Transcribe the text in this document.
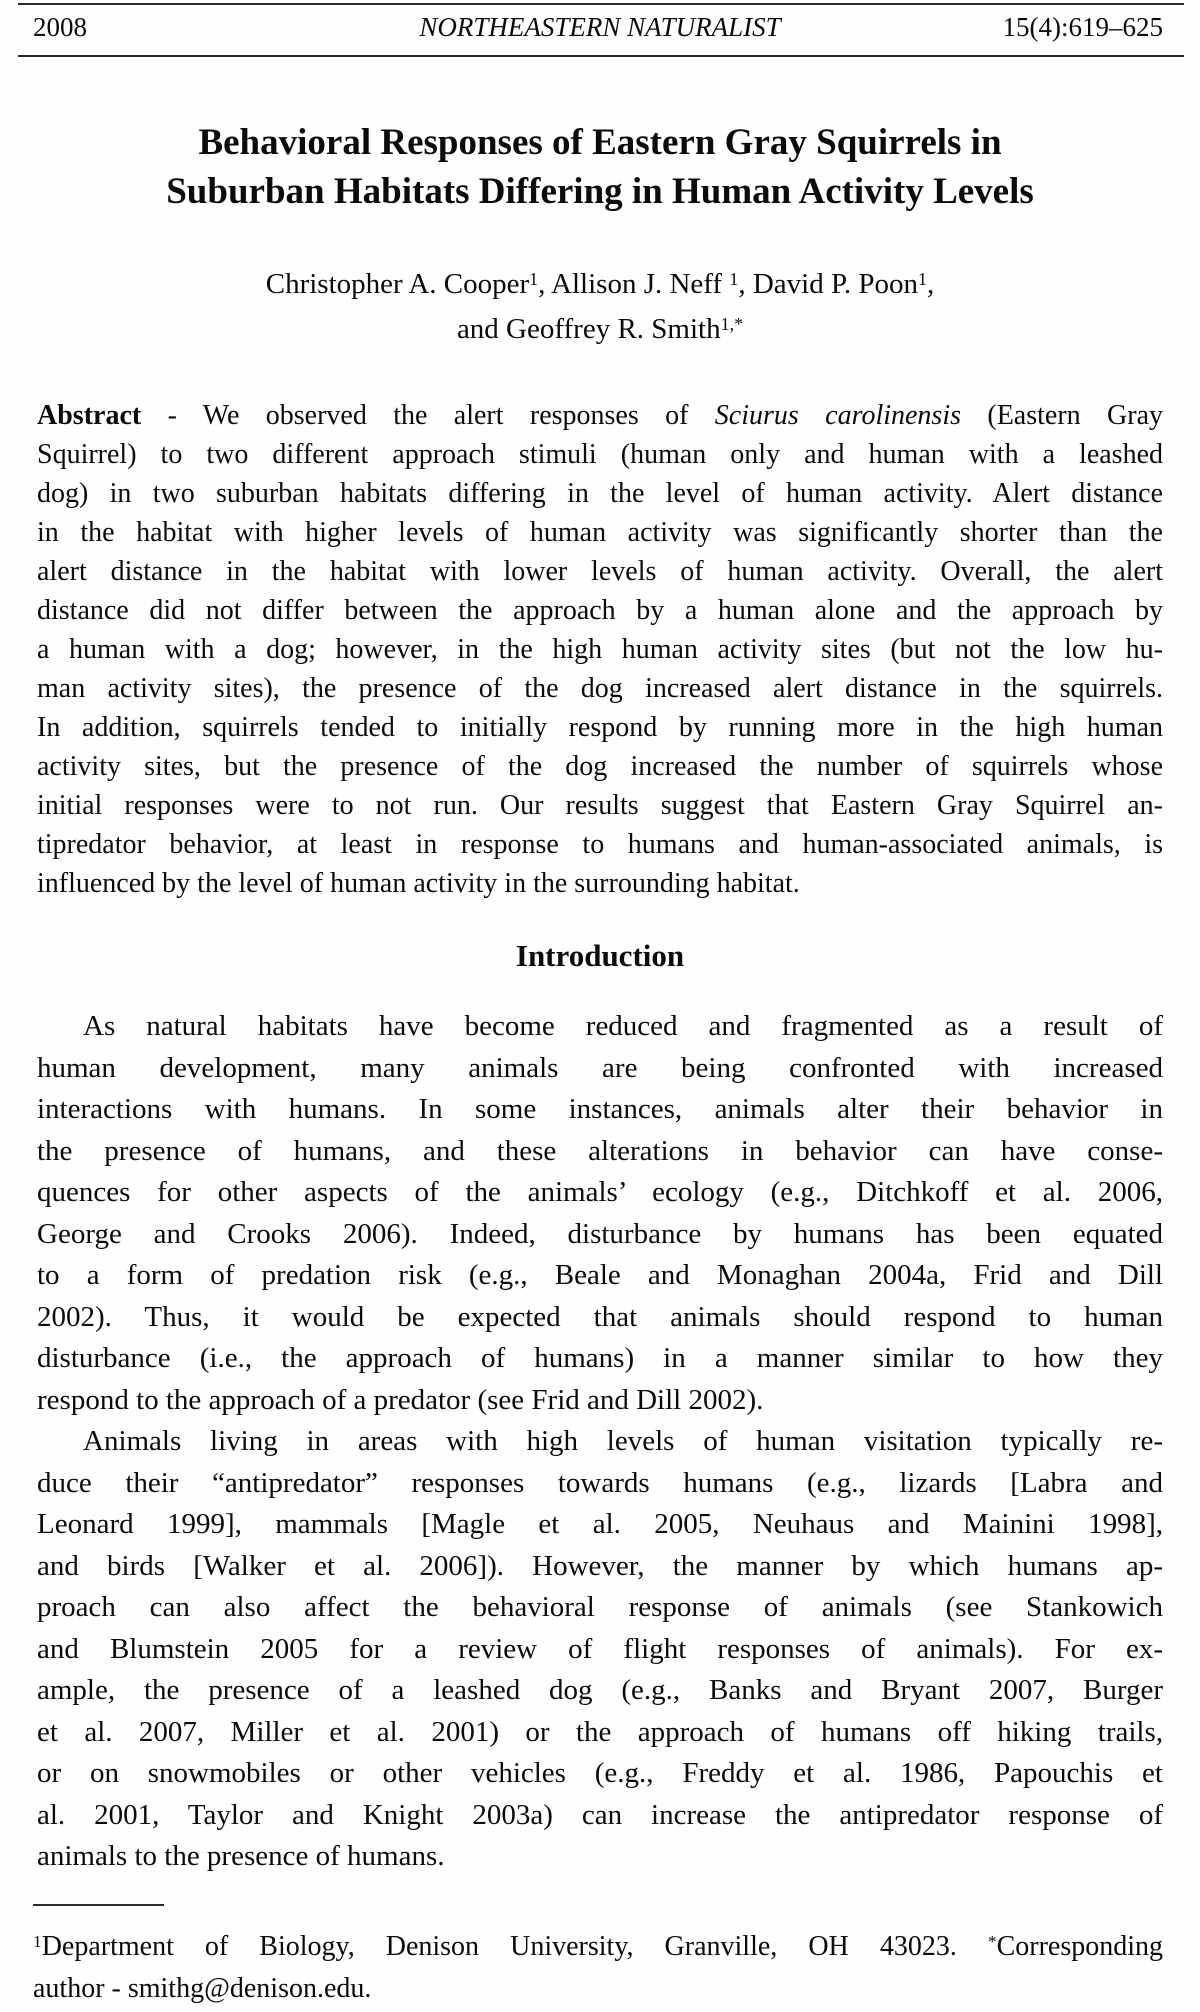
2008	NORTHEASTERN NATURALIST	15(4):619–625
Behavioral Responses of Eastern Gray Squirrels in
Suburban Habitats Differing in Human Activity Levels
Christopher A. Cooper$^1$, Allison J. Neff $^1$, David P. Poon$^1$,
and Geoffrey R. Smith$^{1,*}$
Abstract - We observed the alert responses of Sciurus carolinensis (Eastern Gray
Squirrel) to two different approach stimuli (human only and human with a leashed
dog) in two suburban habitats differing in the level of human activity. Alert distance
in the habitat with higher levels of human activity was significantly shorter than the
alert distance in the habitat with lower levels of human activity. Overall, the alert
distance did not differ between the approach by a human alone and the approach by
a human with a dog; however, in the high human activity sites (but not the low hu-
man activity sites), the presence of the dog increased alert distance in the squirrels.
In addition, squirrels tended to initially respond by running more in the high human
activity sites, but the presence of the dog increased the number of squirrels whose
initial responses were to not run. Our results suggest that Eastern Gray Squirrel an-
tipredator behavior, at least in response to humans and human-associated animals, is
influenced by the level of human activity in the surrounding habitat.
Introduction
As natural habitats have become reduced and fragmented as a result of
human development, many animals are being confronted with increased
interactions with humans. In some instances, animals alter their behavior in
the presence of humans, and these alterations in behavior can have conse-
quences for other aspects of the animals’ ecology (e.g., Ditchkoff et al. 2006,
George and Crooks 2006). Indeed, disturbance by humans has been equated
to a form of predation risk (e.g., Beale and Monaghan 2004a, Frid and Dill
2002). Thus, it would be expected that animals should respond to human
disturbance (i.e., the approach of humans) in a manner similar to how they
respond to the approach of a predator (see Frid and Dill 2002).
Animals living in areas with high levels of human visitation typically re-
duce their “antipredator” responses towards humans (e.g., lizards [Labra and
Leonard 1999], mammals [Magle et al. 2005, Neuhaus and Mainini 1998],
and birds [Walker et al. 2006]). However, the manner by which humans ap-
proach can also affect the behavioral response of animals (see Stankowich
and Blumstein 2005 for a review of flight responses of animals). For ex-
ample, the presence of a leashed dog (e.g., Banks and Bryant 2007, Burger
et al. 2007, Miller et al. 2001) or the approach of humans off hiking trails,
or on snowmobiles or other vehicles (e.g., Freddy et al. 1986, Papouchis et
al. 2001, Taylor and Knight 2003a) can increase the antipredator response of
animals to the presence of humans.
$^1$Department of Biology, Denison University, Granville, OH 43023. *Corresponding
author - smithg@denison.edu.
